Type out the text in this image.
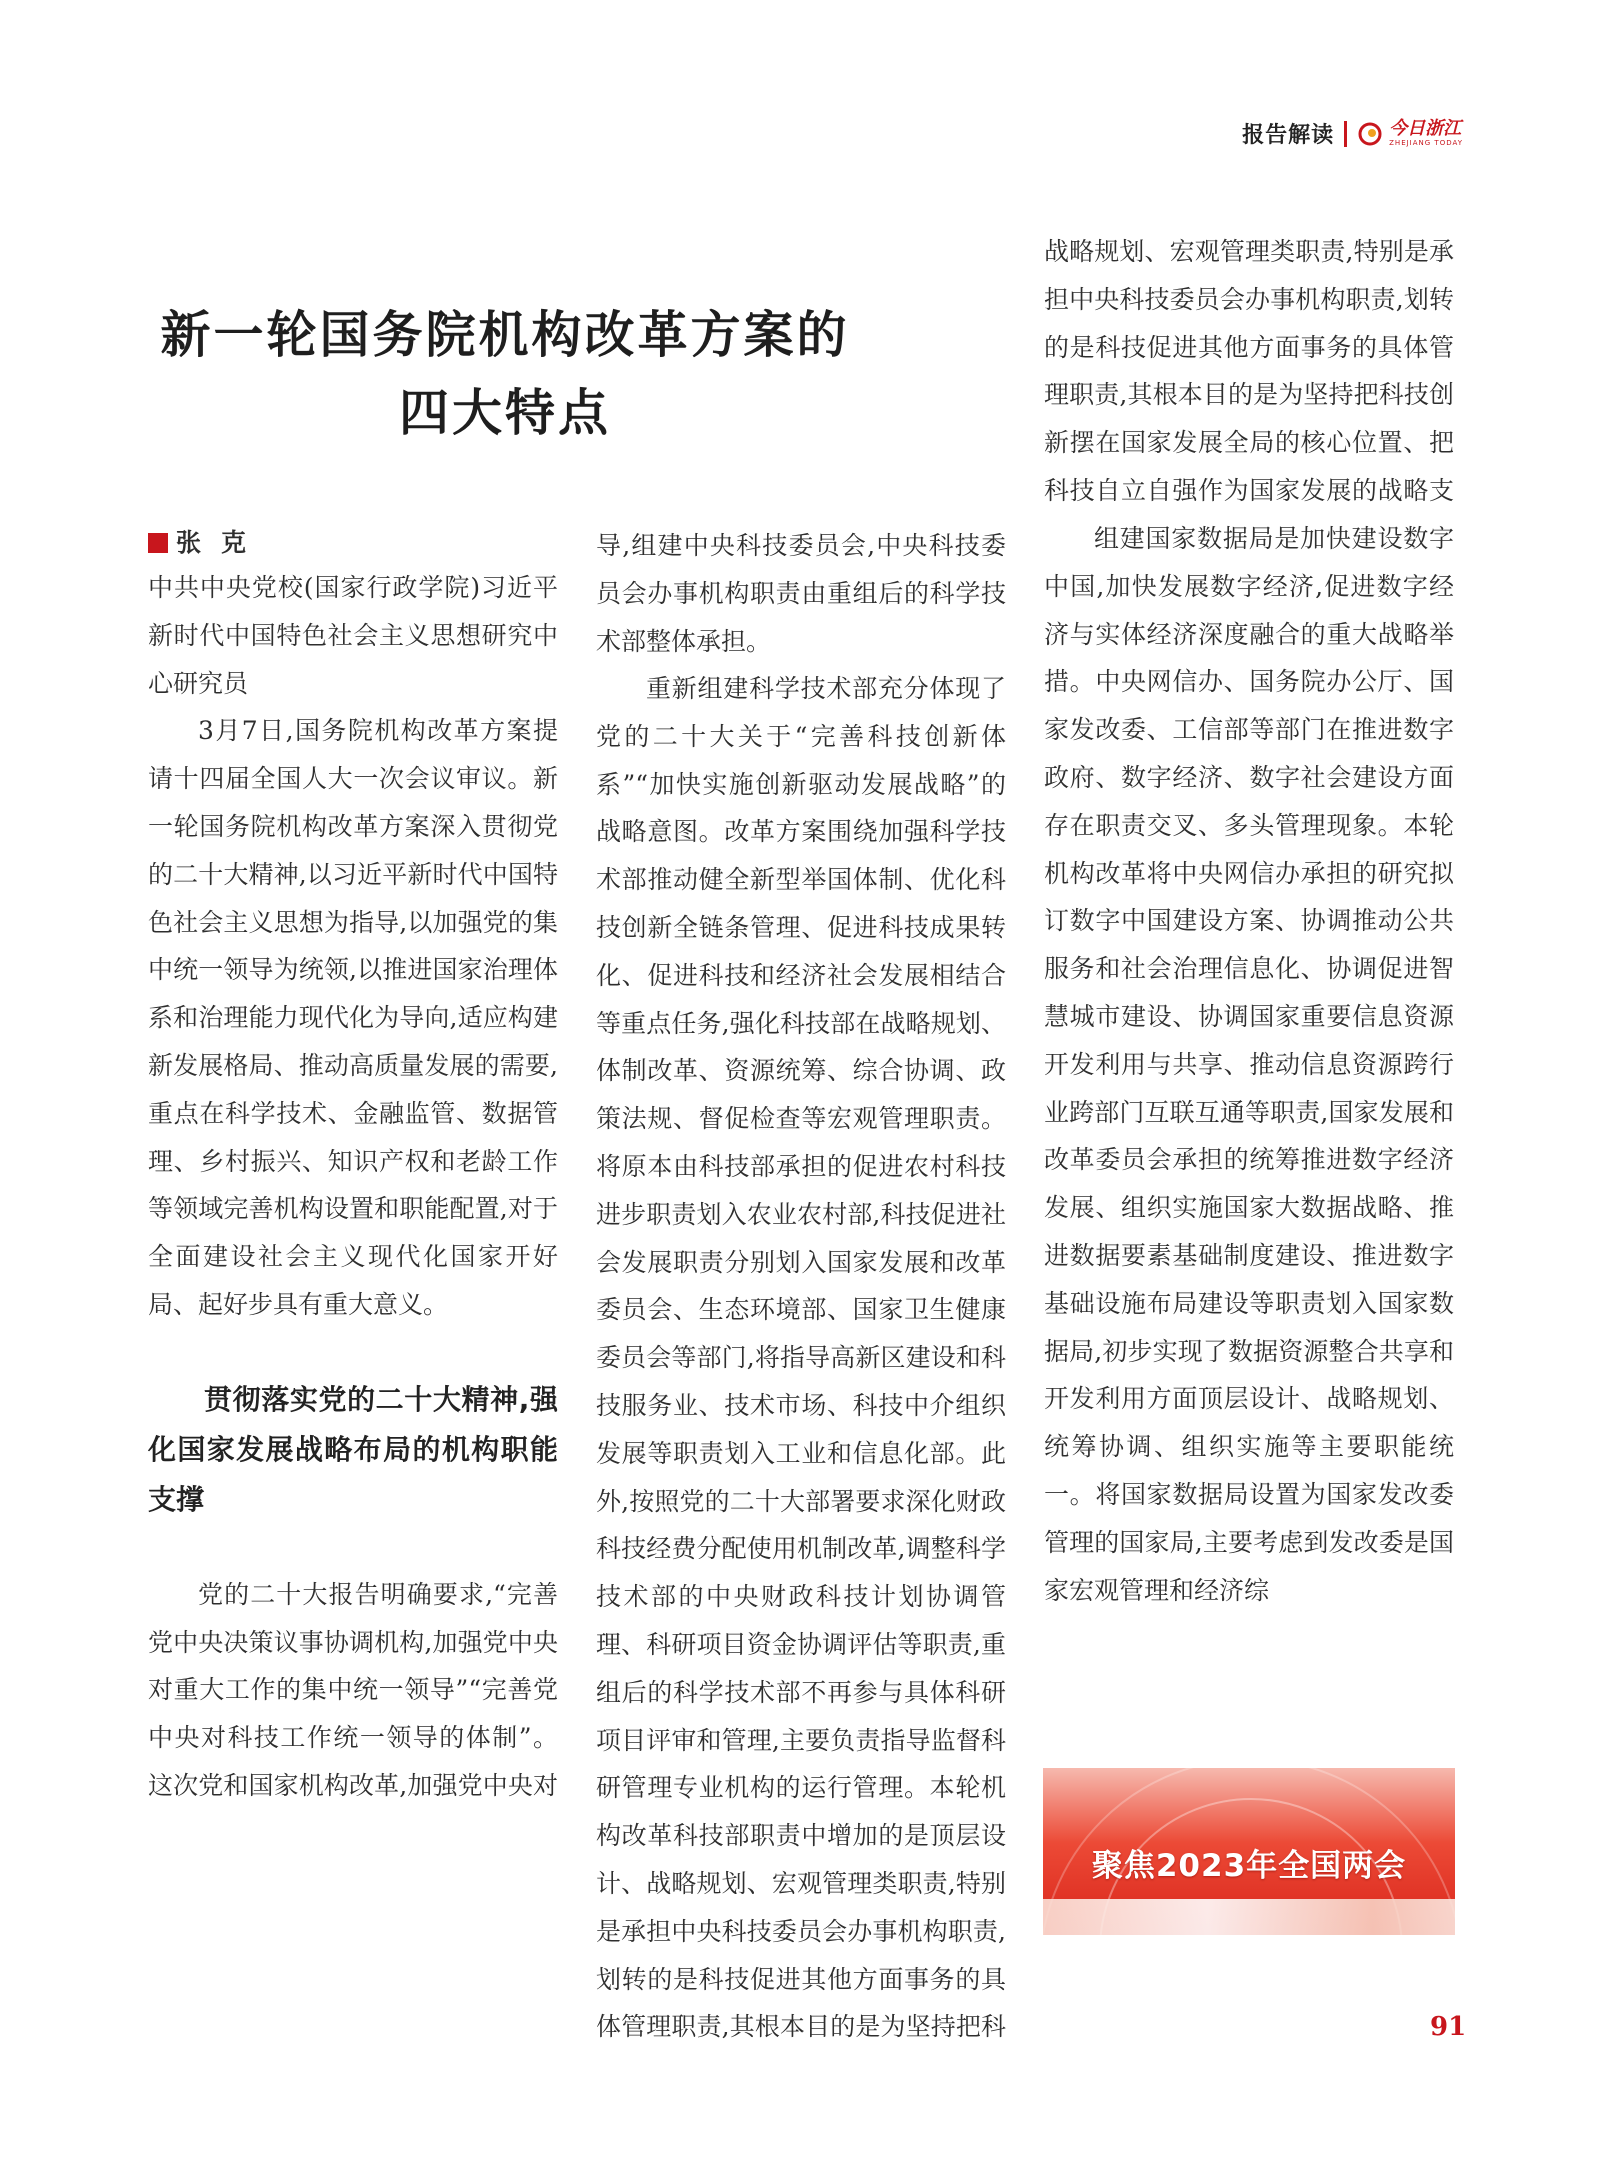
报告解读	今日浙江
ZHEJIANG TODAY
新一轮国务院机构改革方案的
四大特点
张克

中共中央党校(国家行政学院)习近平新时代中国特色社会主义思想研究中心研究员

3月7日,国务院机构改革方案提请十四届全国人大一次会议审议。新一轮国务院机构改革方案深入贯彻党的二十大精神,以习近平新时代中国特色社会主义思想为指导,以加强党的集中统一领导为统领,以推进国家治理体系和治理能力现代化为导向,适应构建新发展格局、推动高质量发展的需要,重点在科学技术、金融监管、数据管理、乡村振兴、知识产权和老龄工作等领域完善机构设置和职能配置,对于全面建设社会主义现代化国家开好局、起好步具有重大意义。

贯彻落实党的二十大精神,强化国家发展战略布局的机构职能支撑

党的二十大报告明确要求,“完善党中央决策议事协调机构,加强党中央对重大工作的集中统一领导”“完善党中央对科技工作统一领导的体制”。这次党和国家机构改革,加强党中央对

导,组建中央科技委员会,中央科技委员会办事机构职责由重组后的科学技术部整体承担。

重新组建科学技术部充分体现了党的二十大关于“完善科技创新体系”“加快实施创新驱动发展战略”的战略意图。改革方案围绕加强科学技术部推动健全新型举国体制、优化科技创新全链条管理、促进科技成果转化、促进科技和经济社会发展相结合等重点任务,强化科技部在战略规划、体制改革、资源统筹、综合协调、政策法规、督促检查等宏观管理职责。将原本由科技部承担的促进农村科技进步职责划入农业农村部,科技促进社会发展职责分别划入国家发展和改革委员会、生态环境部、国家卫生健康委员会等部门,将指导高新区建设和科技服务业、技术市场、科技中介组织发展等职责划入工业和信息化部。此外,按照党的二十大部署要求深化财政科技经费分配使用机制改革,调整科学技术部的中央财政科技计划协调管理、科研项目资金协调评估等职责,重组后的科学技术部不再参与具体科研项目评审和管理,主要负责指导监督科研管理专业机构的运行管理。本轮机构改革科技部职责中增加的是顶层设计、战略规划、宏观管理类职责,特别是承担中央科技委员会办事机构职责,划转的是科技促进其他方面事务的具体管理职责,其根本目的是为坚持把科

战略规划、宏观管理类职责,特别是承担中央科技委员会办事机构职责,划转的是科技促进其他方面事务的具体管理职责,其根本目的是为坚持把科技创新摆在国家发展全局的核心位置、把科技自立自强作为国家发展的战略支

组建国家数据局是加快建设数字中国,加快发展数字经济,促进数字经济与实体经济深度融合的重大战略举措。中央网信办、国务院办公厅、国家发改委、工信部等部门在推进数字政府、数字经济、数字社会建设方面存在职责交叉、多头管理现象。本轮机构改革将中央网信办承担的研究拟订数字中国建设方案、协调推动公共服务和社会治理信息化、协调促进智慧城市建设、协调国家重要信息资源开发利用与共享、推动信息资源跨行业跨部门互联互通等职责,国家发展和改革委员会承担的统筹推进数字经济发展、组织实施国家大数据战略、推进数据要素基础制度建设、推进数字基础设施布局建设等职责划入国家数据局,初步实现了数据资源整合共享和开发利用方面顶层设计、战略规划、统筹协调、组织实施等主要职能统一。将国家数据局设置为国家发改委管理的国家局,主要考虑到发改委是国家宏观管理和经济综

聚焦2023年全国两会
91
